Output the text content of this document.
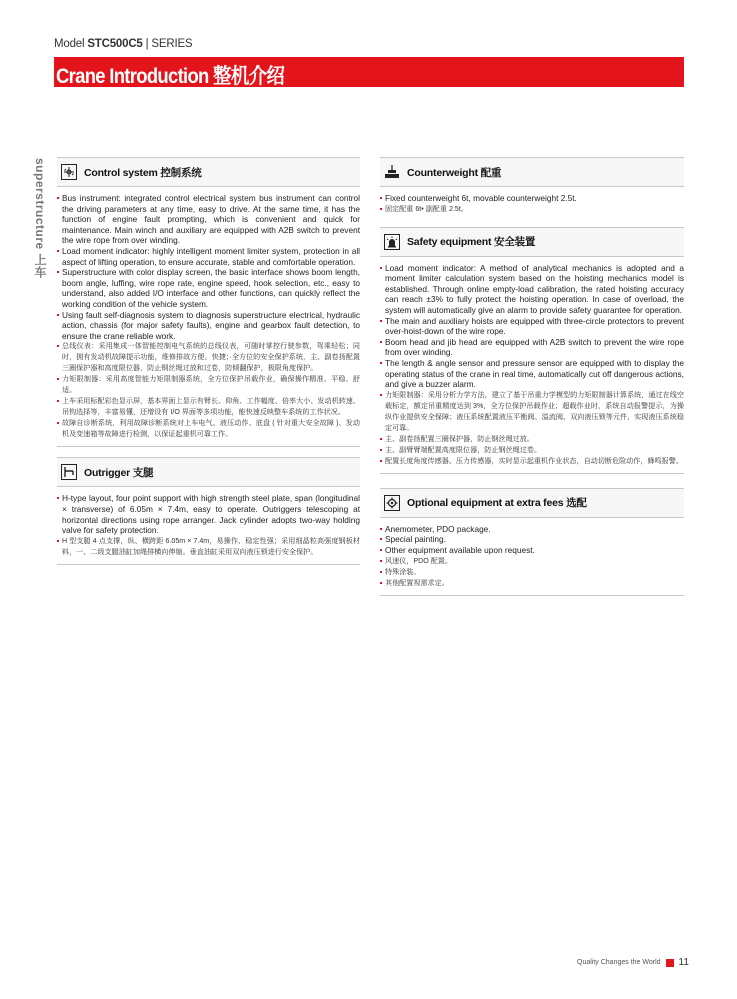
Model STC500C5 | SERIES
Crane Introduction 整机介绍
superstructure 上车	Control system 控制系统
Bus instrument: integrated control electrical system bus instrument can control the driving parameters at any time, easy to drive. At the same time, it has the function of engine fault prompting, which is convenient and quick for maintenance. Main winch and auxiliary are equipped with A2B switch to prevent the wire rope from over winding.
Load moment indicator: highly intelligent moment limiter system, protection in all aspect of lifting operation, to ensure accurate, stable and comfortable operation.
Superstructure with color display screen, the basic interface shows boom length, boom angle, luffing, wire rope rate, engine speed, hook selection, etc., easy to understand, also added I/O interface and other functions, can quickly reflect the working condition of the vehicle system.
Using fault self-diagnosis system to diagnosis superstructure electrical, hydraulic action, chassis (for major safety faults), engine and gearbox fault detection, to ensure the crane reliable work.
总线仪表：采用集成一体智能控制电气系统的总线仪表，可随时掌控行驶参数，驾乘轻松；同时，拥有发动机故障提示功能，维修排故方便、快捷；·全方位的安全保护系统，主、副卷扬配置三圈保护器和高度限位器，防止钢丝绳过放和过卷，防倾翻保护，极限角度保护。
力矩限制器：采用高度智能力矩限制器系统，全方位保护吊载作业，确保操作精准、平稳、舒适。
上车采用标配彩色显示屏，基本界面上显示有臂长、仰角、工作幅度、倍率大小、发动机转速、吊钩选择等，丰富易懂，还增设有 I/O 界面等多项功能，能快速反映整车系统的工作状况。
故障自诊断系统，利用故障诊断系统对上车电气、液压动作、底盘 ( 针对重大安全故障 )、发动机及变速箱等故障进行检测，以保证起重机可靠工作。
Outrigger 支腿
H-type layout, four point support with high strength steel plate, span (longitudinal × transverse) of 6.05m × 7.4m, easy to operate. Outriggers telescoping at horizontal directions using rope arranger. Jack cylinder adopts two-way holding valve for safety protection.
H 型支腿 4 点支撑，纵、横跨距 6.05m × 7.4m，易操作、稳定性强；采用细晶粒高强度钢板材料，一、二级支腿油缸加绳排横向伸缩。垂直油缸采用双向液压锁进行安全保护。
Counterweight 配重
Fixed counterweight 6t, movable counterweight 2.5t.
固定配重 6t• 副配重 2.5t。
Safety equipment 安全装置
Load moment indicator: A method of analytical mechanics is adopted and a moment limiter calculation system based on the hoisting mechanics model is established. Through online empty-load calibration, the rated hoisting accuracy can reach ±3% to fully protect the hoisting operation. In case of overload, the system will automatically give an alarm to provide safety guarantee for operation.
The main and auxiliary hoists are equipped with three-circle protectors to prevent over-hoist-down of the wire rope.
Boom head and jib head are equipped with A2B switch to prevent the wire rope from over winding.
The length & angle sensor and pressure sensor are equipped with to display the operating status of the crane in real time, automatically cut off dangerous actions, and give a buzzer alarm.
力矩限制器：采用分析力学方法，建立了基于吊重力学模型的力矩限制器计算系统，通过在线空载标定，额定吊重精度达到 3%，全方位保护吊载作业；超载作业时，系统自动报警提示，为操纵作业提供安全保障；液压系统配置液压平衡阀、溢流阀、双向液压锁等元件，实现液压系统稳定可靠。
主、副卷扬配置三圈保护器，防止钢丝绳过放。
主、副臂臂端配置高度限位器，防止钢丝绳过卷。
配置长度角度传感器、压力传感器，实时显示起重机作业状态，自动切断危险动作，蜂鸣报警。
Optional equipment at extra fees 选配
Anemometer, PDO package.
Special painting.
Other equipment available upon request.
风速仪，PDO 配置。
特殊涂装。
其他配置视需求定。
Quality Changes the World 11
